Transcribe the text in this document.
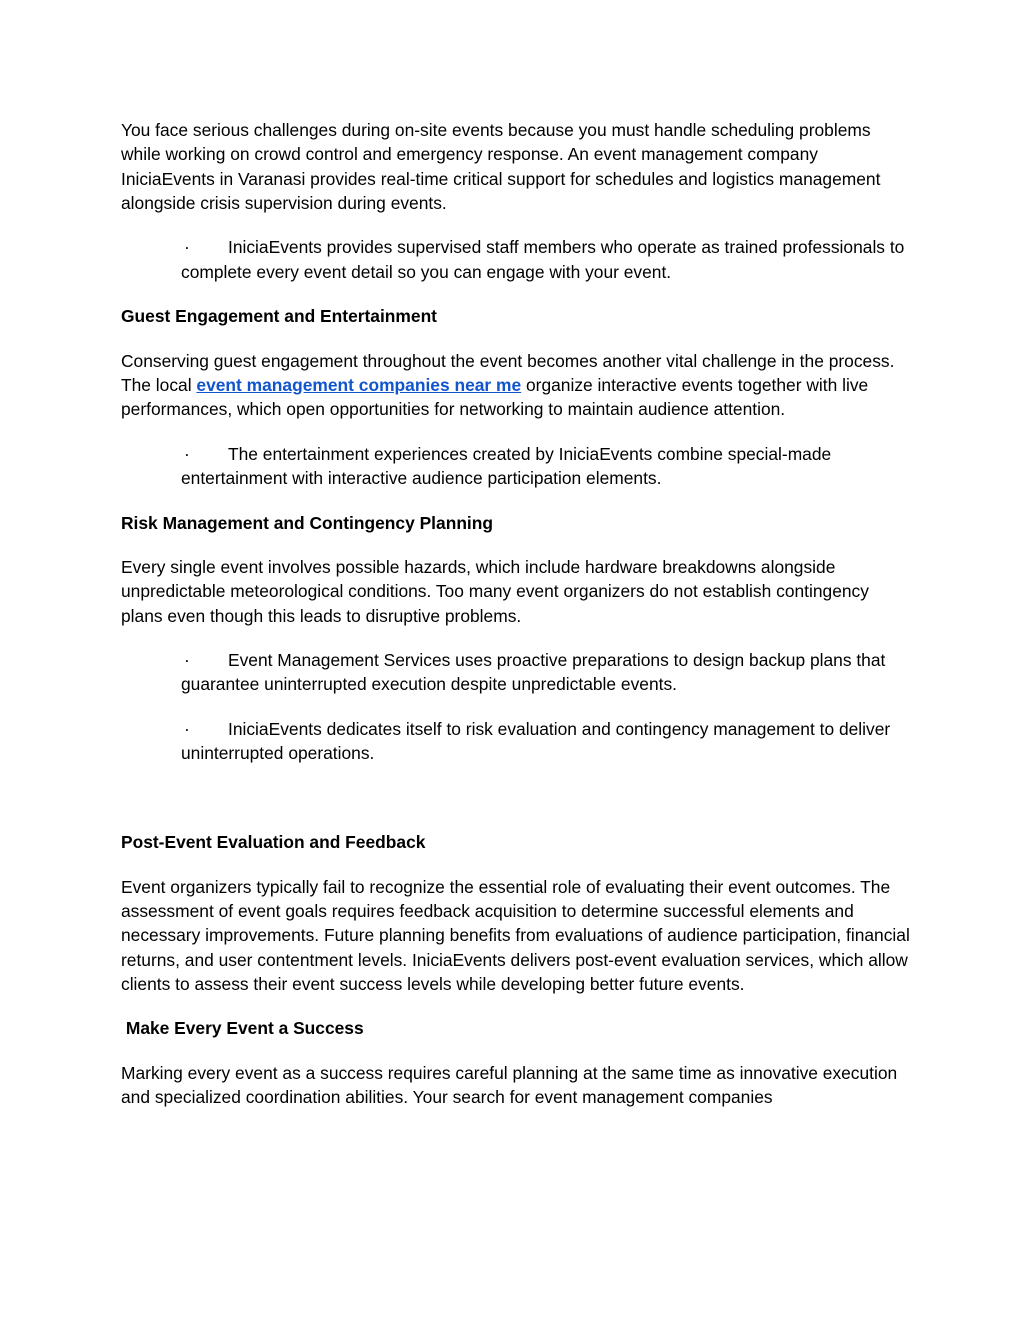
You face serious challenges during on-site events because you must handle scheduling problems while working on crowd control and emergency response. An event management company IniciaEvents in Varanasi provides real-time critical support for schedules and logistics management alongside crisis supervision during events.

· IniciaEvents provides supervised staff members who operate as trained professionals to complete every event detail so you can engage with your event.

Guest Engagement and Entertainment

Conserving guest engagement throughout the event becomes another vital challenge in the process. The local event management companies near me organize interactive events together with live performances, which open opportunities for networking to maintain audience attention.

· The entertainment experiences created by IniciaEvents combine special-made entertainment with interactive audience participation elements.

Risk Management and Contingency Planning

Every single event involves possible hazards, which include hardware breakdowns alongside unpredictable meteorological conditions. Too many event organizers do not establish contingency plans even though this leads to disruptive problems.

· Event Management Services uses proactive preparations to design backup plans that guarantee uninterrupted execution despite unpredictable events.

· IniciaEvents dedicates itself to risk evaluation and contingency management to deliver uninterrupted operations.

Post-Event Evaluation and Feedback

Event organizers typically fail to recognize the essential role of evaluating their event outcomes. The assessment of event goals requires feedback acquisition to determine successful elements and necessary improvements. Future planning benefits from evaluations of audience participation, financial returns, and user contentment levels. IniciaEvents delivers post-event evaluation services, which allow clients to assess their event success levels while developing better future events.

Make Every Event a Success

Marking every event as a success requires careful planning at the same time as innovative execution and specialized coordination abilities. Your search for event management companies
